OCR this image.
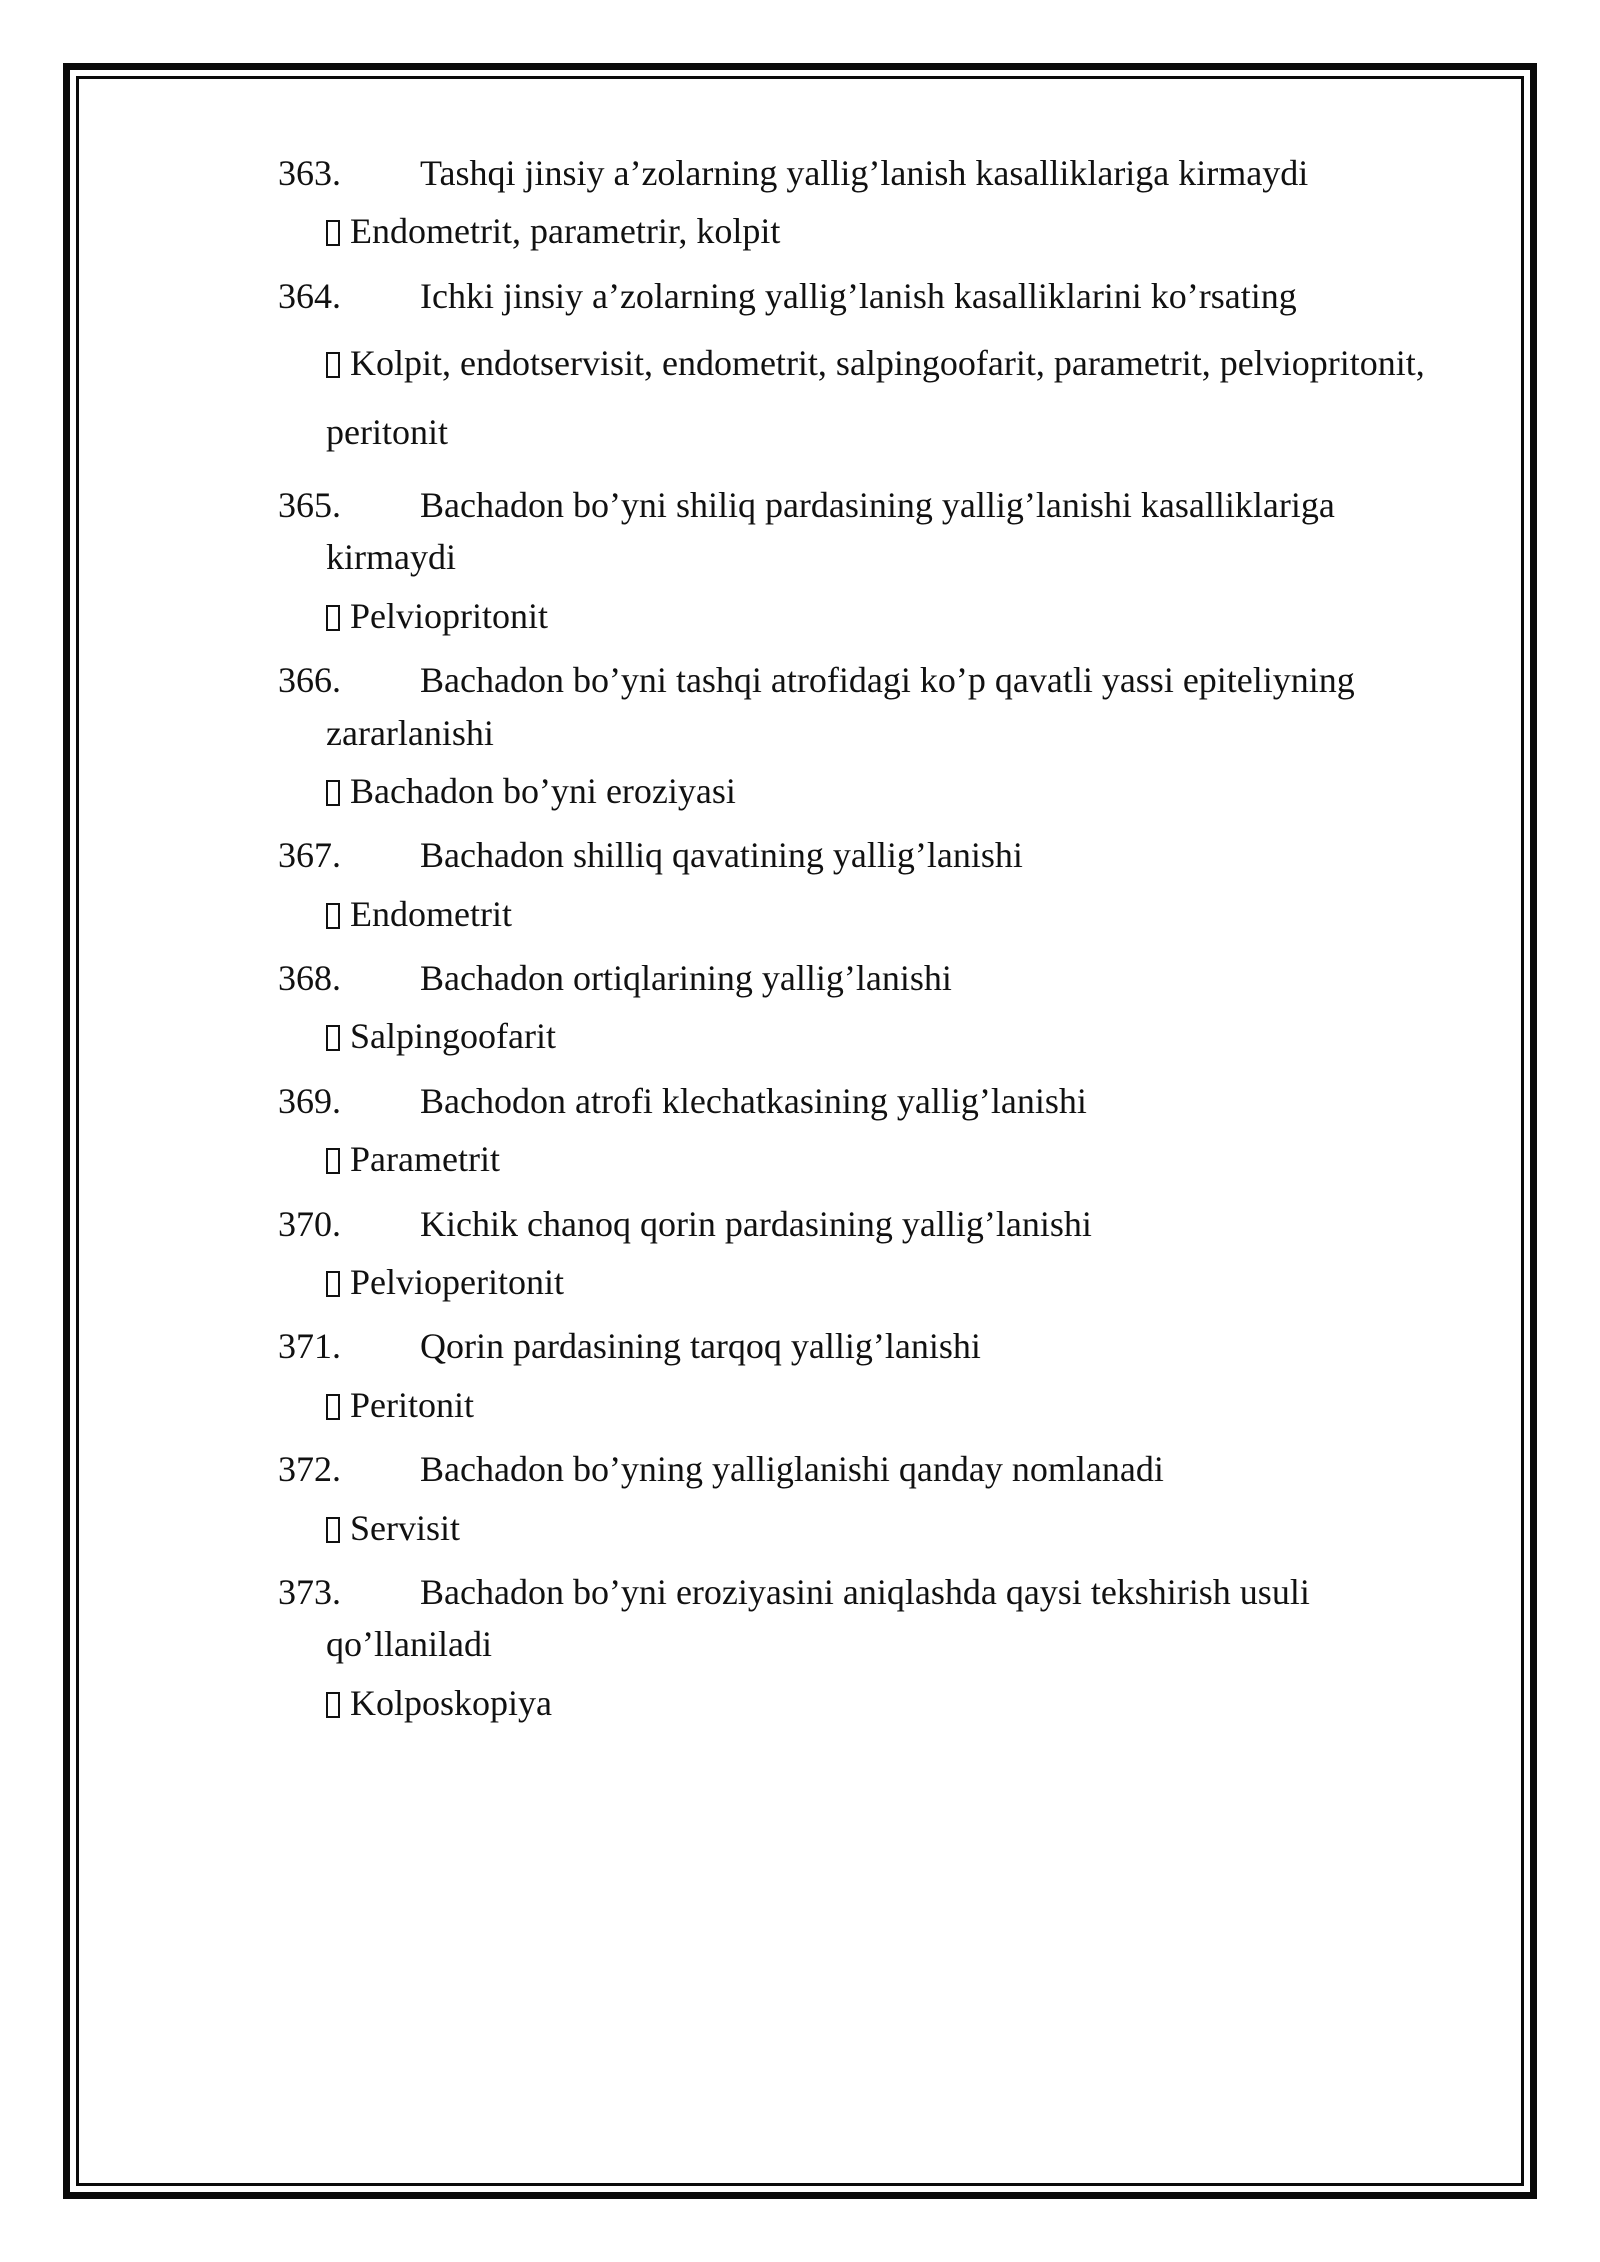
363.	Tashqi jinsiy a’zolarning yallig’lanish kasalliklariga kirmaydi
Endometrit, parametrir, kolpit
364.	Ichki jinsiy a’zolarning yallig’lanish kasalliklarini ko’rsating
Kolpit, endotservisit, endometrit, salpingoofarit, parametrit, pelviopritonit, peritonit
365.	Bachadon bo’yni shiliq pardasining yallig’lanishi kasalliklariga
kirmaydi
Pelviopritonit
366.	Bachadon bo’yni tashqi atrofidagi ko’p qavatli yassi epiteliyning
zararlanishi
Bachadon bo’yni eroziyasi
367.	Bachadon shilliq qavatining yallig’lanishi
Endometrit
368.	Bachadon ortiqlarining yallig’lanishi
Salpingoofarit
369.	Bachodon atrofi klechatkasining yallig’lanishi
Parametrit
370.	Kichik chanoq qorin pardasining yallig’lanishi
Pelvioperitonit
371.	Qorin pardasining tarqoq yallig’lanishi
Peritonit
372.	Bachadon bo’yning yalliglanishi qanday nomlanadi
Servisit
373.	Bachadon bo’yni eroziyasini aniqlashda qaysi tekshirish usuli
qo’llaniladi
Kolposkopiya
